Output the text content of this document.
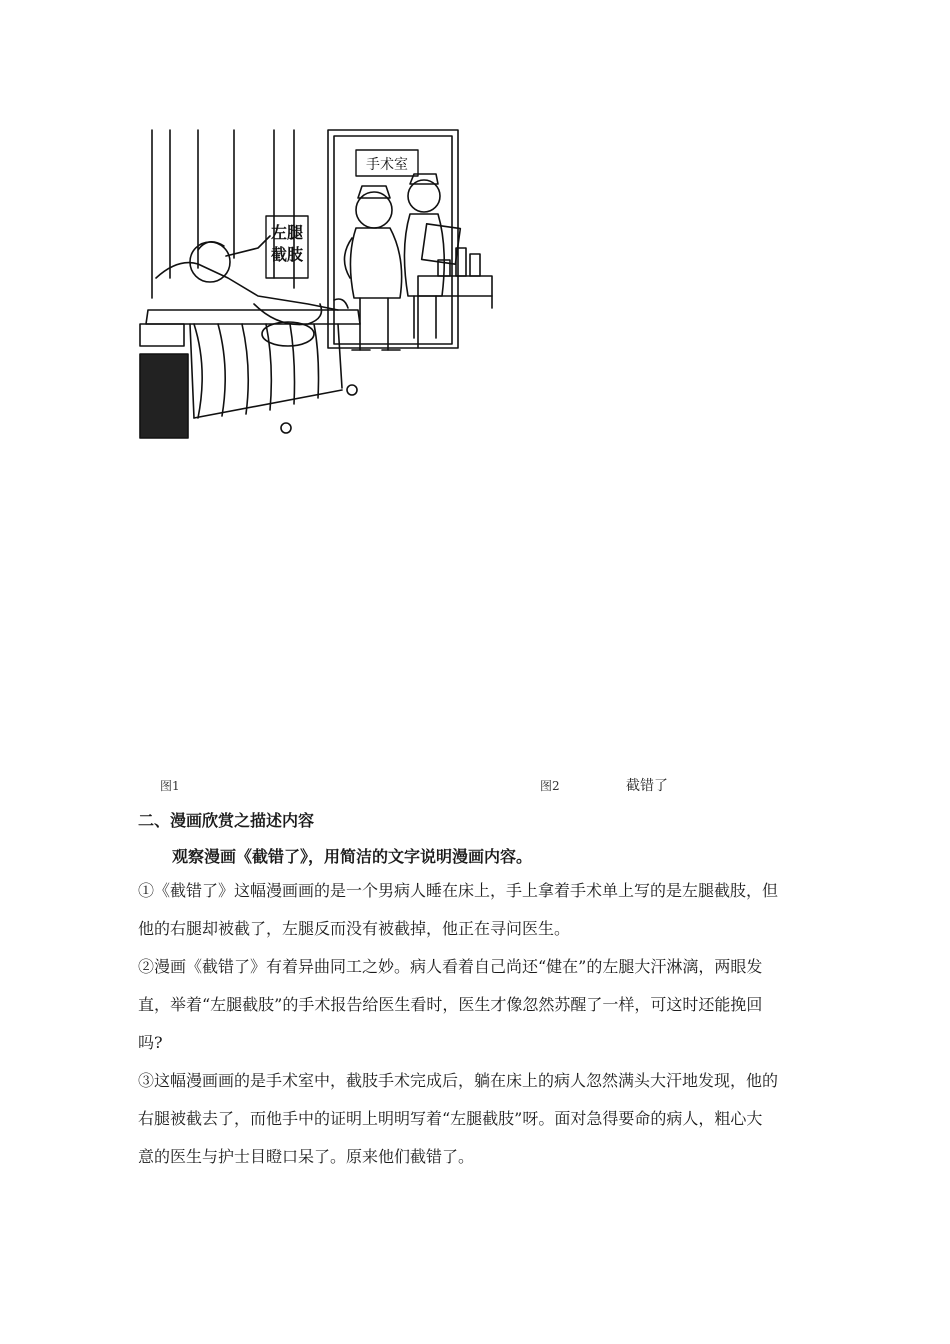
手术室
左腿
截肢
图1	图2	截错了
二、漫画欣赏之描述内容
观察漫画《截错了》，用简洁的文字说明漫画内容。
①《截错了》这幅漫画画的是一个男病人睡在床上，手上拿着手术单上写的是左腿截肢，但
他的右腿却被截了，左腿反而没有被截掉，他正在寻问医生。
②漫画《截错了》有着异曲同工之妙。病人看着自己尚还“健在”的左腿大汗淋漓，两眼发
直，举着“左腿截肢”的手术报告给医生看时，医生才像忽然苏醒了一样，可这时还能挽回
吗?
③这幅漫画画的是手术室中，截肢手术完成后，躺在床上的病人忽然满头大汗地发现，他的
右腿被截去了，而他手中的证明上明明写着“左腿截肢”呀。面对急得要命的病人，粗心大
意的医生与护士目瞪口呆了。原来他们截错了。
